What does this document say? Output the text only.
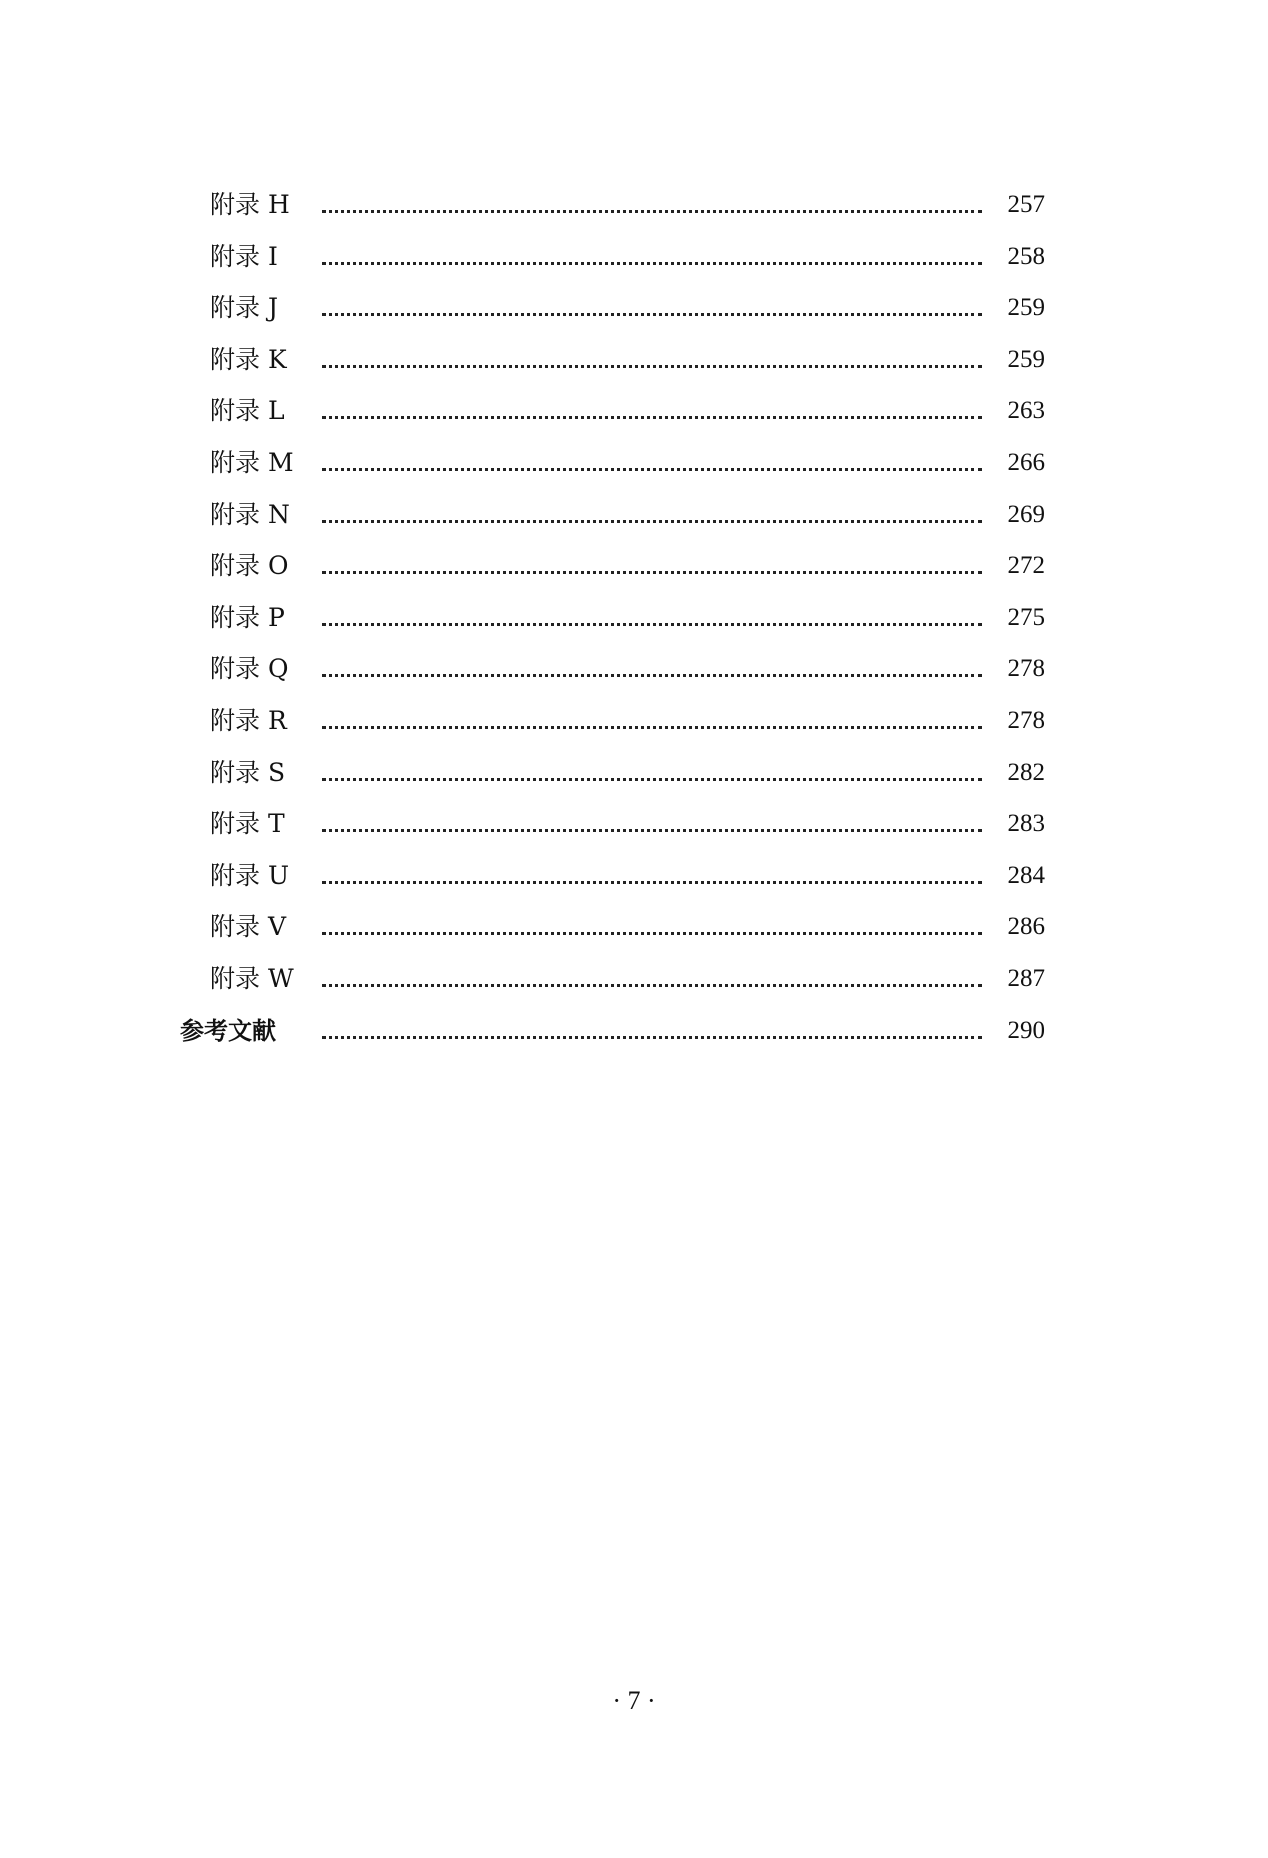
附录 H	257
附录 I	258
附录 J	259
附录 K	259
附录 L	263
附录 M	266
附录 N	269
附录 O	272
附录 P	275
附录 Q	278
附录 R	278
附录 S	282
附录 T	283
附录 U	284
附录 V	286
附录 W	287
参考文献	290
· 7 ·
